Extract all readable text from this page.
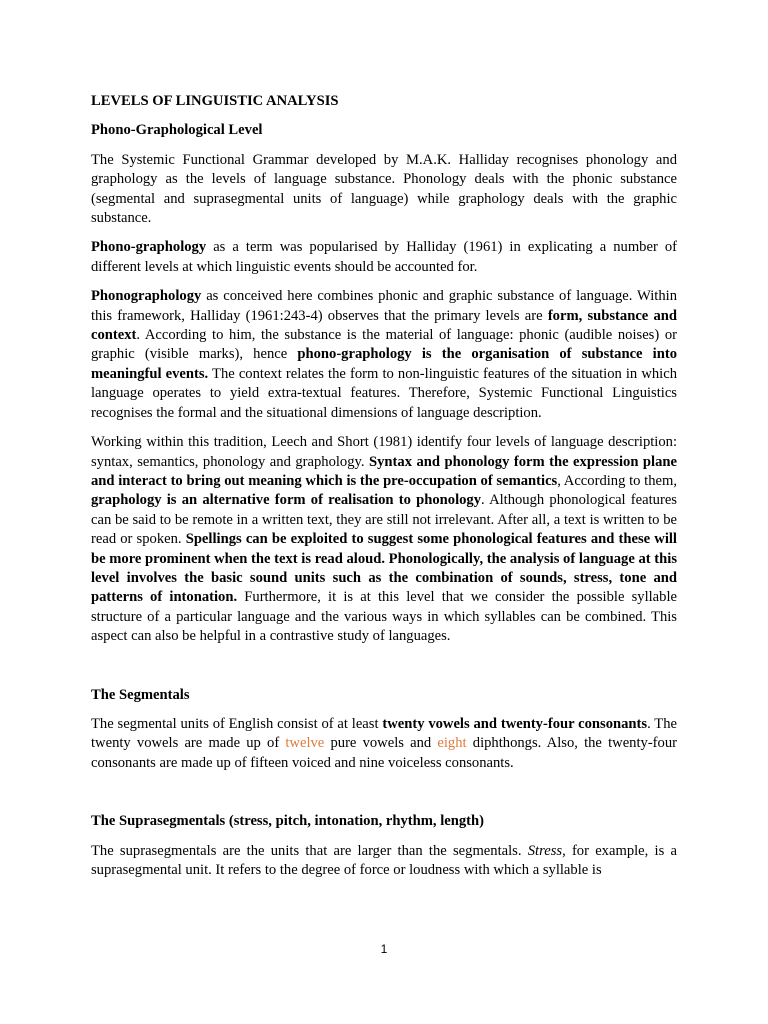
LEVELS OF LINGUISTIC ANALYSIS

Phono-Graphological Level

The Systemic Functional Grammar developed by M.A.K. Halliday recognises phonology and graphology as the levels of language substance. Phonology deals with the phonic substance (segmental and suprasegmental units of language) while graphology deals with the graphic substance.

Phono-graphology as a term was popularised by Halliday (1961) in explicating a number of different levels at which linguistic events should be accounted for.

Phonographology as conceived here combines phonic and graphic substance of language. Within this framework, Halliday (1961:243-4) observes that the primary levels are form, substance and context. According to him, the substance is the material of language: phonic (audible noises) or graphic (visible marks), hence phono-graphology is the organisation of substance into meaningful events. The context relates the form to non-linguistic features of the situation in which language operates to yield extra-textual features. Therefore, Systemic Functional Linguistics recognises the formal and the situational dimensions of language description.

Working within this tradition, Leech and Short (1981) identify four levels of language description: syntax, semantics, phonology and graphology. Syntax and phonology form the expression plane and interact to bring out meaning which is the pre-occupation of semantics, According to them, graphology is an alternative form of realisation to phonology. Although phonological features can be said to be remote in a written text, they are still not irrelevant. After all, a text is written to be read or spoken. Spellings can be exploited to suggest some phonological features and these will be more prominent when the text is read aloud. Phonologically, the analysis of language at this level involves the basic sound units such as the combination of sounds, stress, tone and patterns of intonation. Furthermore, it is at this level that we consider the possible syllable structure of a particular language and the various ways in which syllables can be combined. This aspect can also be helpful in a contrastive study of languages.

The Segmentals

The segmental units of English consist of at least twenty vowels and twenty-four consonants. The twenty vowels are made up of twelve pure vowels and eight diphthongs. Also, the twenty-four consonants are made up of fifteen voiced and nine voiceless consonants.

The Suprasegmentals (stress, pitch, intonation, rhythm, length)

The suprasegmentals are the units that are larger than the segmentals. Stress, for example, is a suprasegmental unit. It refers to the degree of force or loudness with which a syllable is

1
